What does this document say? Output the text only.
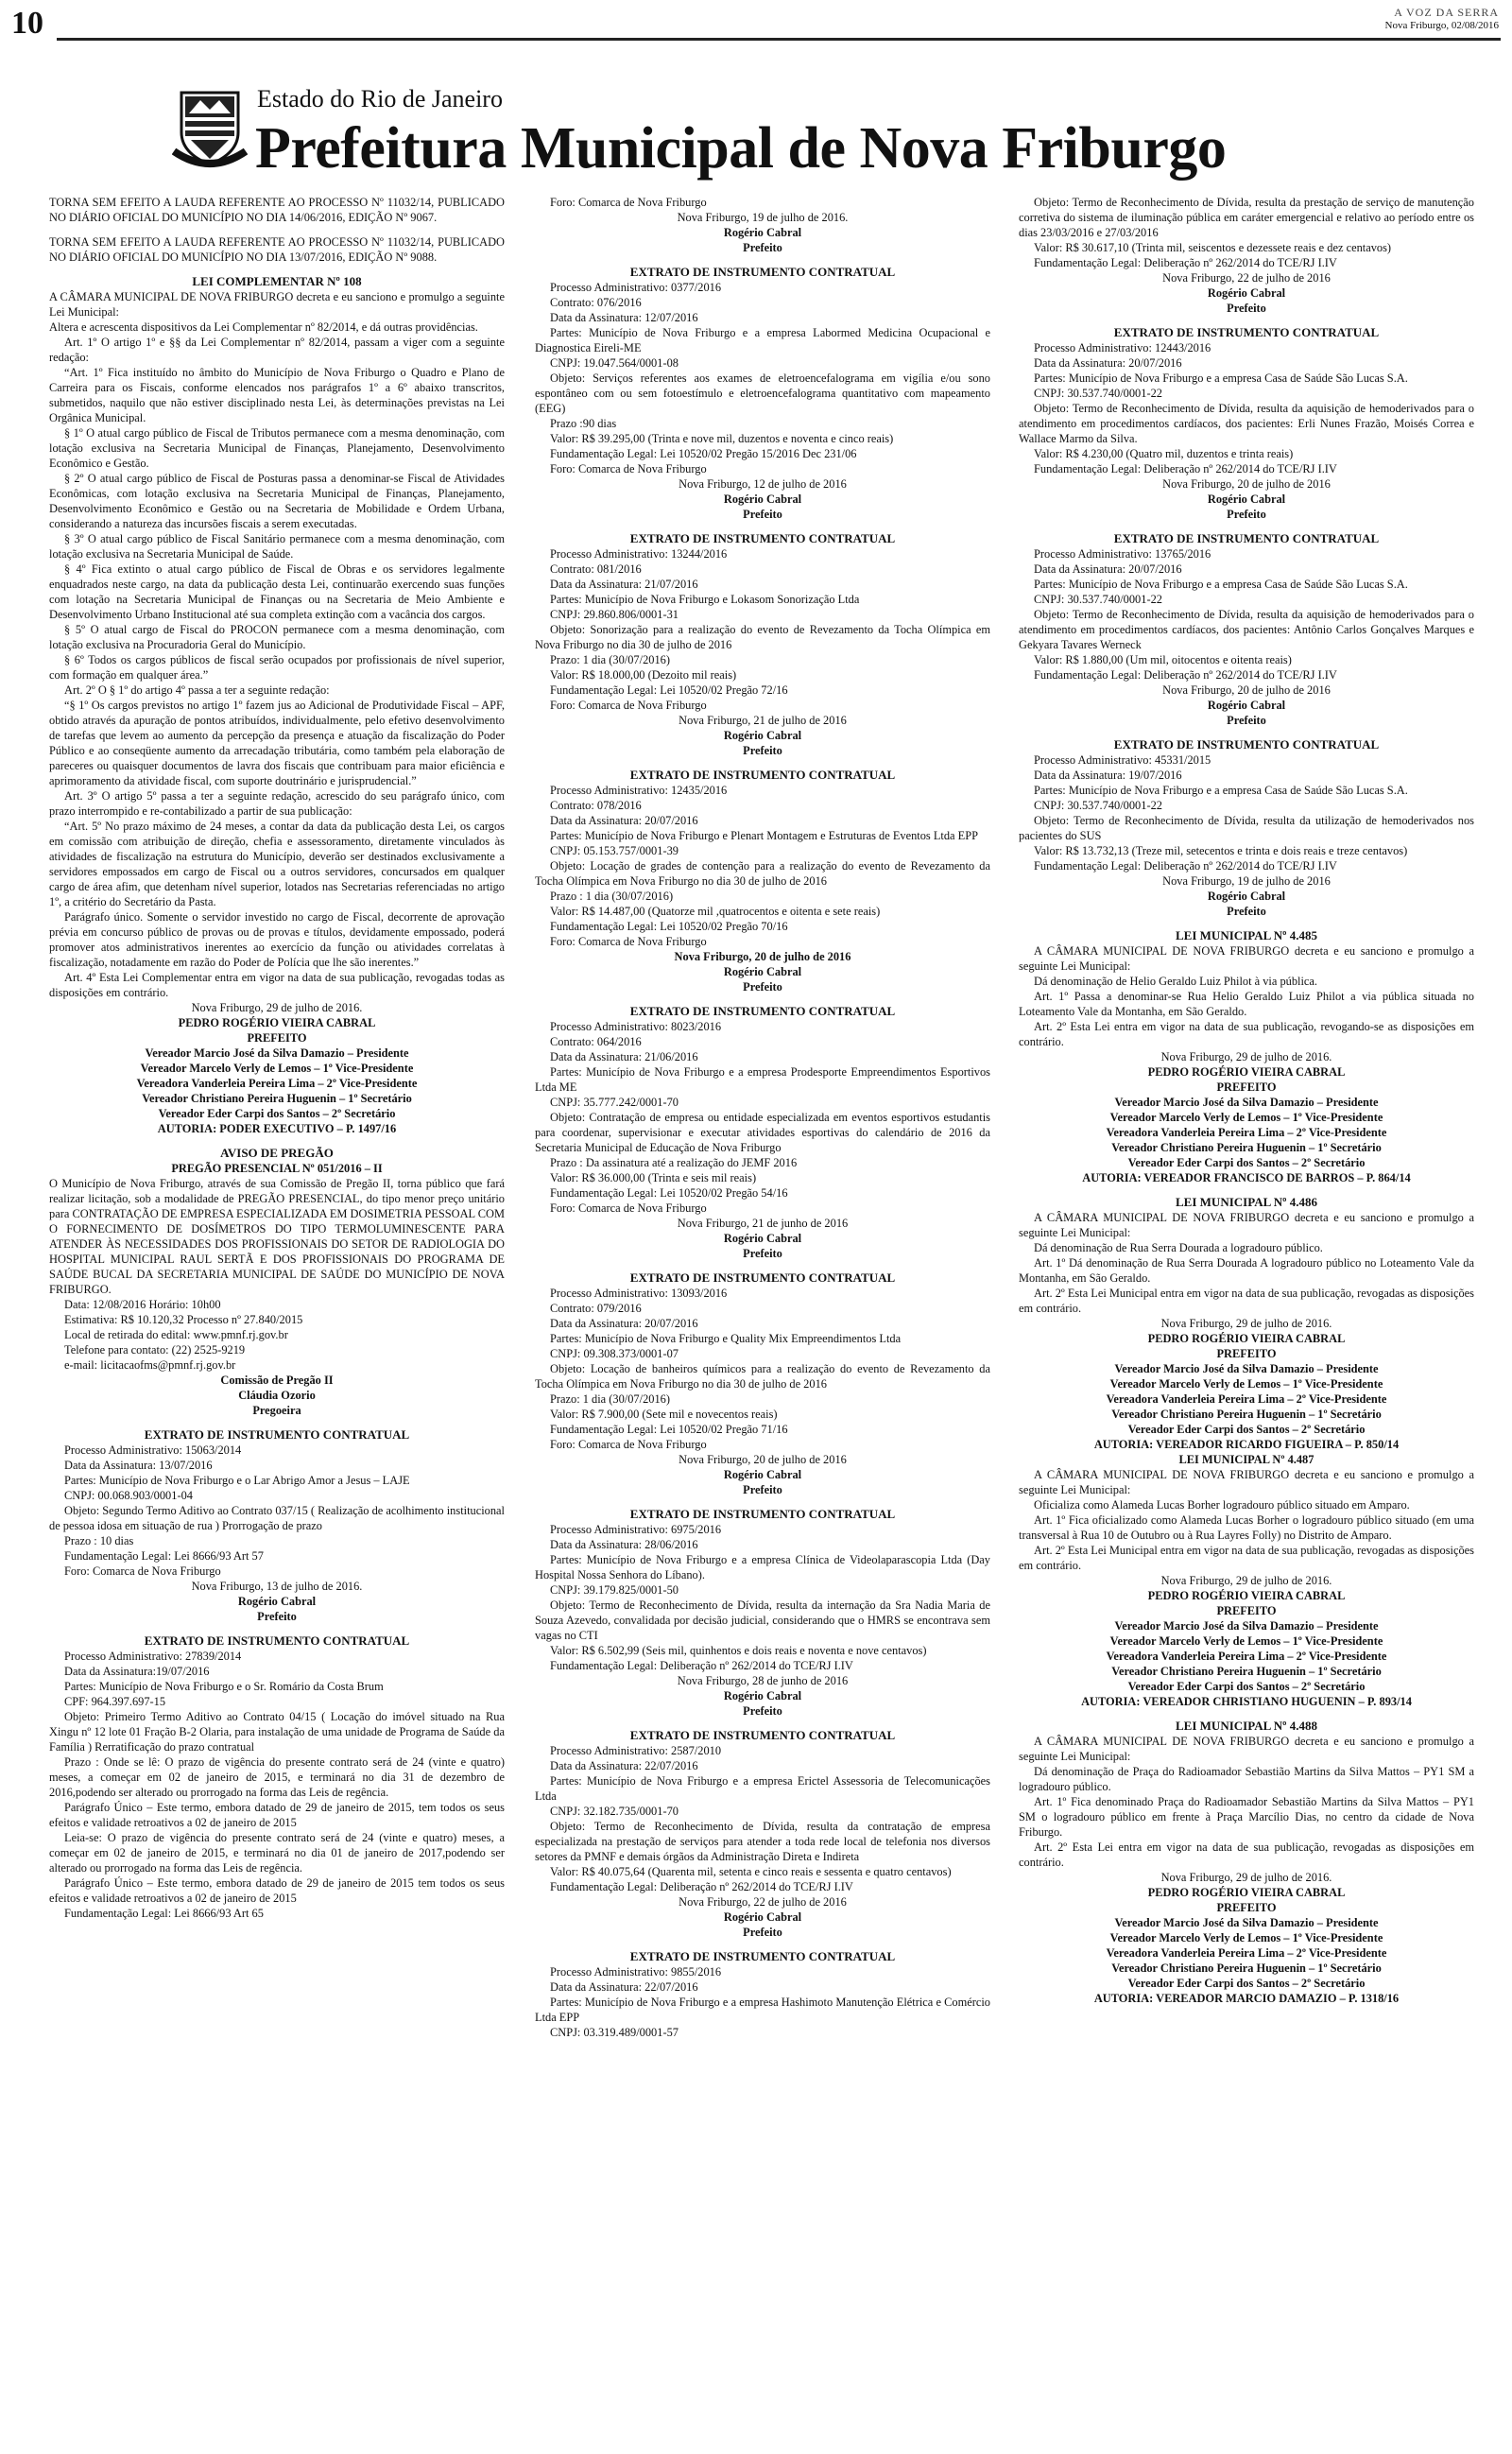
10	A VOZ DA SERRA
Nova Friburgo, 02/08/2016
Estado do Rio de Janeiro
Prefeitura Municipal de Nova Friburgo

TORNA SEM EFEITO A LAUDA REFERENTE AO PROCESSO Nº 11032/14, PUBLICADO NO DIÁRIO OFICIAL DO MUNICÍPIO NO DIA 14/06/2016, EDIÇÃO Nº 9067.

TORNA SEM EFEITO A LAUDA REFERENTE AO PROCESSO Nº 11032/14, PUBLICADO NO DIÁRIO OFICIAL DO MUNICÍPIO NO DIA 13/07/2016, EDIÇÃO Nº 9088.

LEI COMPLEMENTAR Nº 108

A CÂMARA MUNICIPAL DE NOVA FRIBURGO decreta e eu sanciono e promulgo a seguinte Lei Municipal:

Altera e acrescenta dispositivos da Lei Complementar nº 82/2014, e dá outras providências.

Art. 1º O artigo 1º e §§ da Lei Complementar nº 82/2014, passam a viger com a seguinte redação:

“Art. 1º Fica instituído no âmbito do Município de Nova Friburgo o Quadro e Plano de Carreira para os Fiscais, conforme elencados nos parágrafos 1º a 6º abaixo transcritos, submetidos, naquilo que não estiver disciplinado nesta Lei, às determinações previstas na Lei Orgânica Municipal.

§ 1º O atual cargo público de Fiscal de Tributos permanece com a mesma denominação, com lotação exclusiva na Secretaria Municipal de Finanças, Planejamento, Desenvolvimento Econômico e Gestão.

§ 2º O atual cargo público de Fiscal de Posturas passa a denominar-se Fiscal de Atividades Econômicas, com lotação exclusiva na Secretaria Municipal de Finanças, Planejamento, Desenvolvimento Econômico e Gestão ou na Secretaria de Mobilidade e Ordem Urbana, considerando a natureza das incursões fiscais a serem executadas.

§ 3º O atual cargo público de Fiscal Sanitário permanece com a mesma denominação, com lotação exclusiva na Secretaria Municipal de Saúde.

§ 4º Fica extinto o atual cargo público de Fiscal de Obras e os servidores legalmente enquadrados neste cargo, na data da publicação desta Lei, continuarão exercendo suas funções com lotação na Secretaria Municipal de Finanças ou na Secretaria de Meio Ambiente e Desenvolvimento Urbano Institucional até sua completa extinção com a vacância dos cargos.

§ 5º O atual cargo de Fiscal do PROCON permanece com a mesma denominação, com lotação exclusiva na Procuradoria Geral do Município.

§ 6º Todos os cargos públicos de fiscal serão ocupados por profissionais de nível superior, com formação em qualquer área.”

Art. 2º O § 1º do artigo 4º passa a ter a seguinte redação:

“§ 1º Os cargos previstos no artigo 1º fazem jus ao Adicional de Produtividade Fiscal – APF, obtido através da apuração de pontos atribuídos, individualmente, pelo efetivo desenvolvimento de tarefas que levem ao aumento da percepção da presença e atuação da fiscalização do Poder Público e ao conseqüente aumento da arrecadação tributária, como também pela elaboração de pareceres ou quaisquer documentos de lavra dos fiscais que contribuam para maior eficiência e aprimoramento da atividade fiscal, com suporte doutrinário e jurisprudencial.”

Art. 3º O artigo 5º passa a ter a seguinte redação, acrescido do seu parágrafo único, com prazo interrompido e re-contabilizado a partir de sua publicação:

“Art. 5º No prazo máximo de 24 meses, a contar da data da publicação desta Lei, os cargos em comissão com atribuição de direção, chefia e assessoramento, diretamente vinculados às atividades de fiscalização na estrutura do Município, deverão ser destinados exclusivamente a servidores empossados em cargo de Fiscal ou a outros servidores, concursados em qualquer cargo de área afim, que detenham nível superior, lotados nas Secretarias referenciadas no artigo 1º, a critério do Secretário da Pasta.

Parágrafo único. Somente o servidor investido no cargo de Fiscal, decorrente de aprovação prévia em concurso público de provas ou de provas e títulos, devidamente empossado, poderá promover atos administrativos inerentes ao exercício da função ou atividades correlatas à fiscalização, notadamente em razão do Poder de Polícia que lhe são inerentes.”

Art. 4º Esta Lei Complementar entra em vigor na data de sua publicação, revogadas todas as disposições em contrário.

Nova Friburgo, 29 de julho de 2016.

PEDRO ROGÉRIO VIEIRA CABRAL

PREFEITO

Vereador Marcio José da Silva Damazio – Presidente

Vereador Marcelo Verly de Lemos – 1º Vice-Presidente

Vereadora Vanderleia Pereira Lima – 2º Vice-Presidente

Vereador Christiano Pereira Huguenin – 1º Secretário

Vereador Eder Carpi dos Santos – 2º Secretário

AUTORIA: PODER EXECUTIVO – P. 1497/16

AVISO DE PREGÃO

PREGÃO PRESENCIAL Nº 051/2016 – II

O Município de Nova Friburgo, através de sua Comissão de Pregão II, torna público que fará realizar licitação, sob a modalidade de PREGÃO PRESENCIAL, do tipo menor preço unitário para CONTRATAÇÃO DE EMPRESA ESPECIALIZADA EM DOSIMETRIA PESSOAL COM O FORNECIMENTO DE DOSÍMETROS DO TIPO TERMOLUMINESCENTE PARA ATENDER ÀS NECESSIDADES DOS PROFISSIONAIS DO SETOR DE RADIOLOGIA DO HOSPITAL MUNICIPAL RAUL SERTÃ E DOS PROFISSIONAIS DO PROGRAMA DE SAÚDE BUCAL DA SECRETARIA MUNICIPAL DE SAÚDE DO MUNICÍPIO DE NOVA FRIBURGO.

Data: 12/08/2016 Horário: 10h00

Estimativa: R$ 10.120,32 Processo nº 27.840/2015

Local de retirada do edital: www.pmnf.rj.gov.br

Telefone para contato: (22) 2525-9219

e-mail: licitacaofms@pmnf.rj.gov.br

Comissão de Pregão II

Cláudia Ozorio

Pregoeira

EXTRATO DE INSTRUMENTO CONTRATUAL

Processo Administrativo: 15063/2014

Data da Assinatura: 13/07/2016

Partes: Município de Nova Friburgo e o Lar Abrigo Amor a Jesus – LAJE

CNPJ: 00.068.903/0001-04

Objeto: Segundo Termo Aditivo ao Contrato 037/15 ( Realização de acolhimento institucional de pessoa idosa em situação de rua ) Prorrogação de prazo

Prazo : 10 dias

Fundamentação Legal: Lei 8666/93 Art 57

Foro: Comarca de Nova Friburgo

Nova Friburgo, 13 de julho de 2016.

Rogério Cabral

Prefeito

EXTRATO DE INSTRUMENTO CONTRATUAL

Processo Administrativo: 27839/2014

Data da Assinatura:19/07/2016

Partes: Município de Nova Friburgo e o Sr. Romário da Costa Brum

CPF: 964.397.697-15

Objeto: Primeiro Termo Aditivo ao Contrato 04/15 ( Locação do imóvel situado na Rua Xingu nº 12 lote 01 Fração B-2 Olaria, para instalação de uma unidade de Programa de Saúde da Família ) Rerratificação do prazo contratual

Prazo : Onde se lê: O prazo de vigência do presente contrato será de 24 (vinte e quatro) meses, a começar em 02 de janeiro de 2015, e terminará no dia 31 de dezembro de 2016,podendo ser alterado ou prorrogado na forma das Leis de regência.

Parágrafo Único – Este termo, embora datado de 29 de janeiro de 2015, tem todos os seus efeitos e validade retroativos a 02 de janeiro de 2015

Leia-se: O prazo de vigência do presente contrato será de 24 (vinte e quatro) meses, a começar em 02 de janeiro de 2015, e terminará no dia 01 de janeiro de 2017,podendo ser alterado ou prorrogado na forma das Leis de regência.

Parágrafo Único – Este termo, embora datado de 29 de janeiro de 2015 tem todos os seus efeitos e validade retroativos a 02 de janeiro de 2015

Fundamentação Legal: Lei 8666/93 Art 65

Foro: Comarca de Nova Friburgo

Nova Friburgo, 19 de julho de 2016.

Rogério Cabral

Prefeito

EXTRATO DE INSTRUMENTO CONTRATUAL

Processo Administrativo: 0377/2016

Contrato: 076/2016

Data da Assinatura: 12/07/2016

Partes: Município de Nova Friburgo e a empresa Labormed Medicina Ocupacional e Diagnostica Eireli-ME

CNPJ: 19.047.564/0001-08

Objeto: Serviços referentes aos exames de eletroencefalograma em vigília e/ou sono espontâneo com ou sem fotoestímulo e eletroencefalograma quantitativo com mapeamento (EEG)

Prazo :90 dias

Valor: R$ 39.295,00 (Trinta e nove mil, duzentos e noventa e cinco reais)

Fundamentação Legal: Lei 10520/02 Pregão 15/2016 Dec 231/06

Foro: Comarca de Nova Friburgo

Nova Friburgo, 12 de julho de 2016

Rogério Cabral

Prefeito

EXTRATO DE INSTRUMENTO CONTRATUAL

Processo Administrativo: 13244/2016

Contrato: 081/2016

Data da Assinatura: 21/07/2016

Partes: Município de Nova Friburgo e Lokasom Sonorização Ltda

CNPJ: 29.860.806/0001-31

Objeto: Sonorização para a realização do evento de Revezamento da Tocha Olímpica em Nova Friburgo no dia 30 de julho de 2016

Prazo: 1 dia (30/07/2016)

Valor: R$ 18.000,00 (Dezoito mil reais)

Fundamentação Legal: Lei 10520/02 Pregão 72/16

Foro: Comarca de Nova Friburgo

Nova Friburgo, 21 de julho de 2016

Rogério Cabral

Prefeito

EXTRATO DE INSTRUMENTO CONTRATUAL

Processo Administrativo: 12435/2016

Contrato: 078/2016

Data da Assinatura: 20/07/2016

Partes: Município de Nova Friburgo e Plenart Montagem e Estruturas de Eventos Ltda EPP

CNPJ: 05.153.757/0001-39

Objeto: Locação de grades de contenção para a realização do evento de Revezamento da Tocha Olímpica em Nova Friburgo no dia 30 de julho de 2016

Prazo : 1 dia (30/07/2016)

Valor: R$ 14.487,00 (Quatorze mil ,quatrocentos e oitenta e sete reais)

Fundamentação Legal: Lei 10520/02 Pregão 70/16

Foro: Comarca de Nova Friburgo

Nova Friburgo, 20 de julho de 2016

Rogério Cabral

Prefeito

EXTRATO DE INSTRUMENTO CONTRATUAL

Processo Administrativo: 8023/2016

Contrato: 064/2016

Data da Assinatura: 21/06/2016

Partes: Município de Nova Friburgo e a empresa Prodesporte Empreendimentos Esportivos Ltda ME

CNPJ: 35.777.242/0001-70

Objeto: Contratação de empresa ou entidade especializada em eventos esportivos estudantis para coordenar, supervisionar e executar atividades esportivas do calendário de 2016 da Secretaria Municipal de Educação de Nova Friburgo

Prazo : Da assinatura até a realização do JEMF 2016

Valor: R$ 36.000,00 (Trinta e seis mil reais)

Fundamentação Legal: Lei 10520/02 Pregão 54/16

Foro: Comarca de Nova Friburgo

Nova Friburgo, 21 de junho de 2016

Rogério Cabral

Prefeito

EXTRATO DE INSTRUMENTO CONTRATUAL

Processo Administrativo: 13093/2016

Contrato: 079/2016

Data da Assinatura: 20/07/2016

Partes: Município de Nova Friburgo e Quality Mix Empreendimentos Ltda

CNPJ: 09.308.373/0001-07

Objeto: Locação de banheiros químicos para a realização do evento de Revezamento da Tocha Olímpica em Nova Friburgo no dia 30 de julho de 2016

Prazo: 1 dia (30/07/2016)

Valor: R$ 7.900,00 (Sete mil e novecentos reais)

Fundamentação Legal: Lei 10520/02 Pregão 71/16

Foro: Comarca de Nova Friburgo

Nova Friburgo, 20 de julho de 2016

Rogério Cabral

Prefeito

EXTRATO DE INSTRUMENTO CONTRATUAL

Processo Administrativo: 6975/2016

Data da Assinatura: 28/06/2016

Partes: Município de Nova Friburgo e a empresa Clínica de Videolaparascopia Ltda (Day Hospital Nossa Senhora do Líbano).

CNPJ: 39.179.825/0001-50

Objeto: Termo de Reconhecimento de Dívida, resulta da internação da Sra Nadia Maria de Souza Azevedo, convalidada por decisão judicial, considerando que o HMRS se encontrava sem vagas no CTI

Valor: R$ 6.502,99 (Seis mil, quinhentos e dois reais e noventa e nove centavos)

Fundamentação Legal: Deliberação nº 262/2014 do TCE/RJ I.IV

Nova Friburgo, 28 de junho de 2016

Rogério Cabral

Prefeito

EXTRATO DE INSTRUMENTO CONTRATUAL

Processo Administrativo: 2587/2010

Data da Assinatura: 22/07/2016

Partes: Município de Nova Friburgo e a empresa Erictel Assessoria de Telecomunicações Ltda

CNPJ: 32.182.735/0001-70

Objeto: Termo de Reconhecimento de Dívida, resulta da contratação de empresa especializada na prestação de serviços para atender a toda rede local de telefonia nos diversos setores da PMNF e demais órgãos da Administração Direta e Indireta

Valor: R$ 40.075,64 (Quarenta mil, setenta e cinco reais e sessenta e quatro centavos)

Fundamentação Legal: Deliberação nº 262/2014 do TCE/RJ I.IV

Nova Friburgo, 22 de julho de 2016

Rogério Cabral

Prefeito

EXTRATO DE INSTRUMENTO CONTRATUAL

Processo Administrativo: 9855/2016

Data da Assinatura: 22/07/2016

Partes: Município de Nova Friburgo e a empresa Hashimoto Manutenção Elétrica e Comércio Ltda EPP

CNPJ: 03.319.489/0001-57

Objeto: Termo de Reconhecimento de Dívida, resulta da prestação de serviço de manutenção corretiva do sistema de iluminação pública em caráter emergencial e relativo ao período entre os dias 23/03/2016 e 27/03/2016

Valor: R$ 30.617,10 (Trinta mil, seiscentos e dezessete reais e dez centavos)

Fundamentação Legal: Deliberação nº 262/2014 do TCE/RJ I.IV

Nova Friburgo, 22 de julho de 2016

Rogério Cabral

Prefeito

EXTRATO DE INSTRUMENTO CONTRATUAL

Processo Administrativo: 12443/2016

Data da Assinatura: 20/07/2016

Partes: Município de Nova Friburgo e a empresa Casa de Saúde São Lucas S.A.

CNPJ: 30.537.740/0001-22

Objeto: Termo de Reconhecimento de Dívida, resulta da aquisição de hemoderivados para o atendimento em procedimentos cardíacos, dos pacientes: Erli Nunes Frazão, Moisés Correa e Wallace Marmo da Silva.

Valor: R$ 4.230,00 (Quatro mil, duzentos e trinta reais)

Fundamentação Legal: Deliberação nº 262/2014 do TCE/RJ I.IV

Nova Friburgo, 20 de julho de 2016

Rogério Cabral

Prefeito

EXTRATO DE INSTRUMENTO CONTRATUAL

Processo Administrativo: 13765/2016

Data da Assinatura: 20/07/2016

Partes: Município de Nova Friburgo e a empresa Casa de Saúde São Lucas S.A.

CNPJ: 30.537.740/0001-22

Objeto: Termo de Reconhecimento de Dívida, resulta da aquisição de hemoderivados para o atendimento em procedimentos cardíacos, dos pacientes: Antônio Carlos Gonçalves Marques e Gekyara Tavares Werneck

Valor: R$ 1.880,00 (Um mil, oitocentos e oitenta reais)

Fundamentação Legal: Deliberação nº 262/2014 do TCE/RJ I.IV

Nova Friburgo, 20 de julho de 2016

Rogério Cabral

Prefeito

EXTRATO DE INSTRUMENTO CONTRATUAL

Processo Administrativo: 45331/2015

Data da Assinatura: 19/07/2016

Partes: Município de Nova Friburgo e a empresa Casa de Saúde São Lucas S.A.

CNPJ: 30.537.740/0001-22

Objeto: Termo de Reconhecimento de Dívida, resulta da utilização de hemoderivados nos pacientes do SUS

Valor: R$ 13.732,13 (Treze mil, setecentos e trinta e dois reais e treze centavos)

Fundamentação Legal: Deliberação nº 262/2014 do TCE/RJ I.IV

Nova Friburgo, 19 de julho de 2016

Rogério Cabral

Prefeito

LEI MUNICIPAL Nº 4.485

A CÂMARA MUNICIPAL DE NOVA FRIBURGO decreta e eu sanciono e promulgo a seguinte Lei Municipal:

Dá denominação de Helio Geraldo Luiz Philot à via pública.

Art. 1º Passa a denominar-se Rua Helio Geraldo Luiz Philot a via pública situada no Loteamento Vale da Montanha, em São Geraldo.

Art. 2º Esta Lei entra em vigor na data de sua publicação, revogando-se as disposições em contrário.

Nova Friburgo, 29 de julho de 2016.

PEDRO ROGÉRIO VIEIRA CABRAL

PREFEITO

Vereador Marcio José da Silva Damazio – Presidente

Vereador Marcelo Verly de Lemos – 1º Vice-Presidente

Vereadora Vanderleia Pereira Lima – 2º Vice-Presidente

Vereador Christiano Pereira Huguenin – 1º Secretário

Vereador Eder Carpi dos Santos – 2º Secretário

AUTORIA: VEREADOR FRANCISCO DE BARROS – P. 864/14

LEI MUNICIPAL Nº 4.486

A CÂMARA MUNICIPAL DE NOVA FRIBURGO decreta e eu sanciono e promulgo a seguinte Lei Municipal:

Dá denominação de Rua Serra Dourada a logradouro público.

Art. 1º Dá denominação de Rua Serra Dourada A logradouro público no Loteamento Vale da Montanha, em São Geraldo.

Art. 2º Esta Lei Municipal entra em vigor na data de sua publicação, revogadas as disposições em contrário.

Nova Friburgo, 29 de julho de 2016.

PEDRO ROGÉRIO VIEIRA CABRAL

PREFEITO

Vereador Marcio José da Silva Damazio – Presidente

Vereador Marcelo Verly de Lemos – 1º Vice-Presidente

Vereadora Vanderleia Pereira Lima – 2º Vice-Presidente

Vereador Christiano Pereira Huguenin – 1º Secretário

Vereador Eder Carpi dos Santos – 2º Secretário

AUTORIA: VEREADOR RICARDO FIGUEIRA – P. 850/14

LEI MUNICIPAL Nº 4.487

A CÂMARA MUNICIPAL DE NOVA FRIBURGO decreta e eu sanciono e promulgo a seguinte Lei Municipal:

Oficializa como Alameda Lucas Borher logradouro público situado em Amparo.

Art. 1º Fica oficializado como Alameda Lucas Borher o logradouro público situado (em uma transversal à Rua 10 de Outubro ou à Rua Layres Folly) no Distrito de Amparo.

Art. 2º Esta Lei Municipal entra em vigor na data de sua publicação, revogadas as disposições em contrário.

Nova Friburgo, 29 de julho de 2016.

PEDRO ROGÉRIO VIEIRA CABRAL

PREFEITO

Vereador Marcio José da Silva Damazio – Presidente

Vereador Marcelo Verly de Lemos – 1º Vice-Presidente

Vereadora Vanderleia Pereira Lima – 2º Vice-Presidente

Vereador Christiano Pereira Huguenin – 1º Secretário

Vereador Eder Carpi dos Santos – 2º Secretário

AUTORIA: VEREADOR CHRISTIANO HUGUENIN – P. 893/14

LEI MUNICIPAL Nº 4.488

A CÂMARA MUNICIPAL DE NOVA FRIBURGO decreta e eu sanciono e promulgo a seguinte Lei Municipal:

Dá denominação de Praça do Radioamador Sebastião Martins da Silva Mattos – PY1 SM a logradouro público.

Art. 1º Fica denominado Praça do Radioamador Sebastião Martins da Silva Mattos – PY1 SM o logradouro público em frente à Praça Marcílio Dias, no centro da cidade de Nova Friburgo.

Art. 2º Esta Lei entra em vigor na data de sua publicação, revogadas as disposições em contrário.

Nova Friburgo, 29 de julho de 2016.

PEDRO ROGÉRIO VIEIRA CABRAL

PREFEITO

Vereador Marcio José da Silva Damazio – Presidente

Vereador Marcelo Verly de Lemos – 1º Vice-Presidente

Vereadora Vanderleia Pereira Lima – 2º Vice-Presidente

Vereador Christiano Pereira Huguenin – 1º Secretário

Vereador Eder Carpi dos Santos – 2º Secretário

AUTORIA: VEREADOR MARCIO DAMAZIO – P. 1318/16
